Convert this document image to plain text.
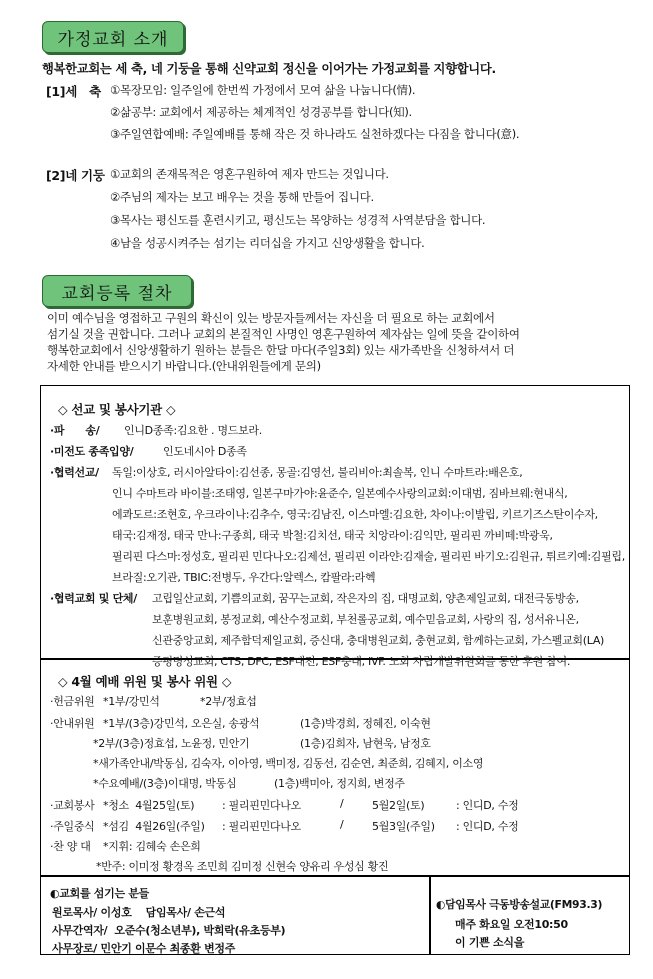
가정교회 소개
행복한교회는 세 축, 네 기둥을 통해 신약교회 정신을 이어가는 가정교회를 지향합니다.
[1]세   축 ①목장모임: 일주일에 한번씩 가정에서 모여 삶을 나눕니다(情).
②삶공부: 교회에서 제공하는 체계적인 성경공부를 합니다(知).
③주일연합예배: 주일예배를 통해 작은 것 하나라도 실천하겠다는 다짐을 합니다(意).
[2]네 기둥 ①교회의 존재목적은 영혼구원하여 제자 만드는 것입니다.
②주님의 제자는 보고 배우는 것을 통해 만들어 집니다.
③목사는 평신도를 훈련시키고, 평신도는 목양하는 성경적 사역분담을 합니다.
④남을 성공시켜주는 섬기는 리더십을 가지고 신앙생활을 합니다.
교회등록 절차
이미 예수님을 영접하고 구원의 확신이 있는 방문자들께서는 자신을 더 필요로 하는 교회에서
섬기실 것을 권합니다. 그러나 교회의 본질적인 사명인 영혼구원하여 제자삼는 일에 뜻을 같이하여
행복한교회에서 신앙생활하기 원하는 분들은 한달 마다(주일3회) 있는 새가족반을 신청하셔서 더
자세한 안내를 받으시기 바랍니다.(안내위원들에게 문의)
◇ 선교 및 봉사기관 ◇
·파      송/ 인니D종족:김요한 . 명드보라.
·미전도 종족입양/	인도네시아 D종족
·협력선교/ 독일:이상호, 러시아알타이:김선종, 몽골:김영선, 불리비아:최솔복, 인니 수마트라:배은호,
인니 수마트라 바이블:조태영, 일본구마가야:윤준수, 일본예수사랑의교회:이대범, 짐바브웨:현내식,
에콰도르:조현호, 우크라이나:김추수, 영국:김남진, 이스마엘:김요한, 차이나:이발립, 키르기즈스탄이수자,
태국:김재정, 태국 만나:구종희, 태국 박철:김치선, 태국 치앙라이:김익만, 필리핀 까비떼:박광욱,
필리핀 다스마:정성호, 필리핀 민다나오:김제선, 필리핀 이라얀:김재술, 필리핀 바기오:김원규, 튀르키예:김필립,
브라질:오기관, TBIC:전병두, 우간다:알렉스, 캄팔라:라헥
·협력교회 및 단체/ 고립일산교회, 기쁨의교회, 꿈꾸는교회, 작은자의 집, 대명교회, 양촌제일교회, 대전극동방송,
보훈병원교회, 봉정교회, 예산수정교회, 부천롤공교회, 예수믿음교회, 사랑의 집, 성서유니온,
신관중앙교회, 제주함덕제일교회, 증신대, 충대병원교회, 충현교회, 함께하는교회, 가스펠교회(LA)
증평명성교회, CTS, DFC, ESF대전, ESF충대, IVF. 노회 자립개발위원회를 통한 후원 참여.
◇ 4월 예배 위원 및 봉사 위원 ◇
·헌금위원 *1부/강민석	*2부/정효섭
·안내위원 *1부/(3층)강민석, 오은실, 송광석	(1층)박경희, 정혜진, 이숙현
*2부/(3층)정효섭, 노윤정, 민안기	(1층)김희자, 남현욱, 남정호
*새가족안내/박동심, 김숙자, 이아영, 백미정, 김동선, 김순연, 최준희, 김혜지, 이소영
*수요예배/(3층)이대명, 박동심	(1층)백미아, 정지희, 변정주
·교회봉사 *청소  4월25일(토)	: 필리핀민다나오	/	5월2일(토)	: 인디D, 수정
·주일중식 *섬김  4월26일(주일) : 필리핀민다나오	/	5월3일(주일) : 인디D, 수정
·찬 양 대 *지휘: 김혜숙 손은희
*반주: 이미정 황경옥 조민희 김미정 신현숙 양유리 우성심 황진
◐교회를 섬기는 분들
원로목사/ 이성호    담임목사/ 손근석
사무간역자/  오준수(청소년부), 박희락(유초등부)
사무장로/ 민안기 이문수 최종환 변정주
◐담임목사 극동방송설교(FM93.3)
매주 화요일 오전10:50
이 기쁜 소식을
